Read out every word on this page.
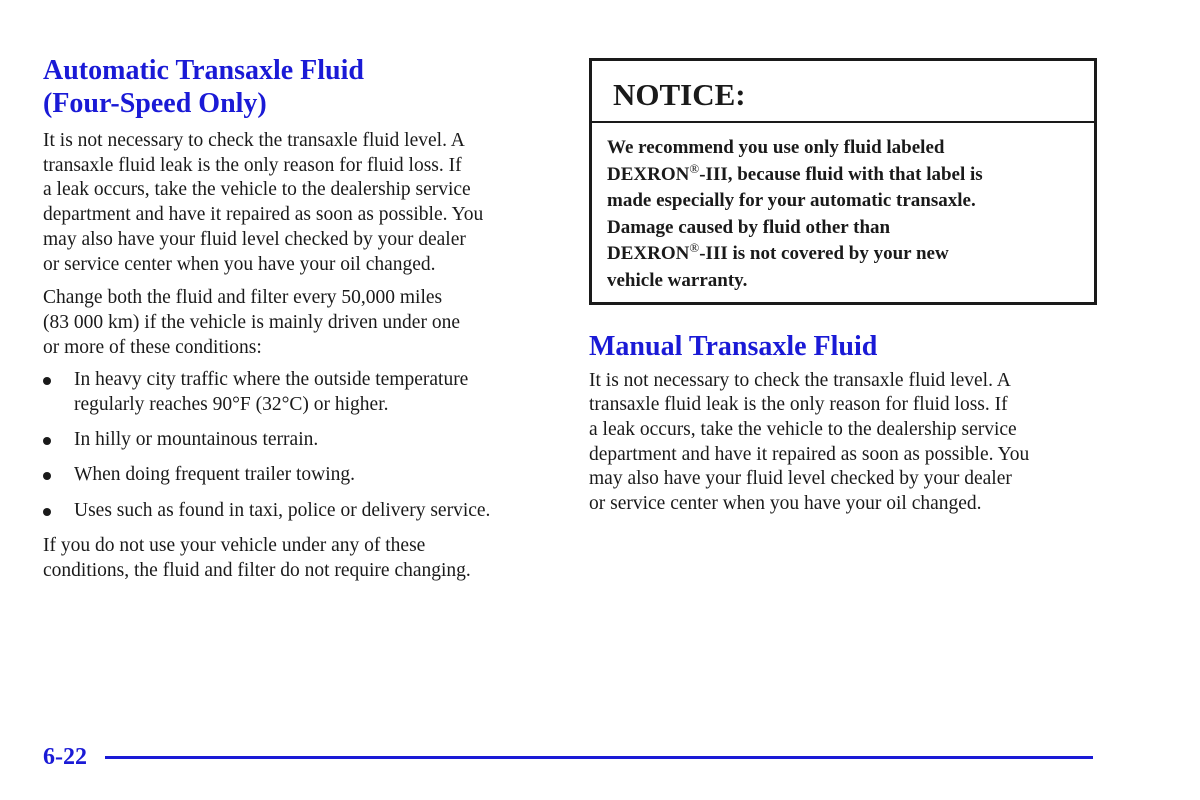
Automatic Transaxle Fluid
(Four-Speed Only)

It is not necessary to check the transaxle fluid level. A
transaxle fluid leak is the only reason for fluid loss. If
a leak occurs, take the vehicle to the dealership service
department and have it repaired as soon as possible. You
may also have your fluid level checked by your dealer
or service center when you have your oil changed.

Change both the fluid and filter every 50,000 miles
(83 000 km) if the vehicle is mainly driven under one
or more of these conditions:

In heavy city traffic where the outside temperature
regularly reaches 90°F (32°C) or higher.
In hilly or mountainous terrain.
When doing frequent trailer towing.
Uses such as found in taxi, police or delivery service.

If you do not use your vehicle under any of these
conditions, the fluid and filter do not require changing.

NOTICE:
We recommend you use only fluid labeled
DEXRON®-III, because fluid with that label is
made especially for your automatic transaxle.
Damage caused by fluid other than
DEXRON®-III is not covered by your new
vehicle warranty.
Manual Transaxle Fluid

It is not necessary to check the transaxle fluid level. A
transaxle fluid leak is the only reason for fluid loss. If
a leak occurs, take the vehicle to the dealership service
department and have it repaired as soon as possible. You
may also have your fluid level checked by your dealer
or service center when you have your oil changed.

6-22
